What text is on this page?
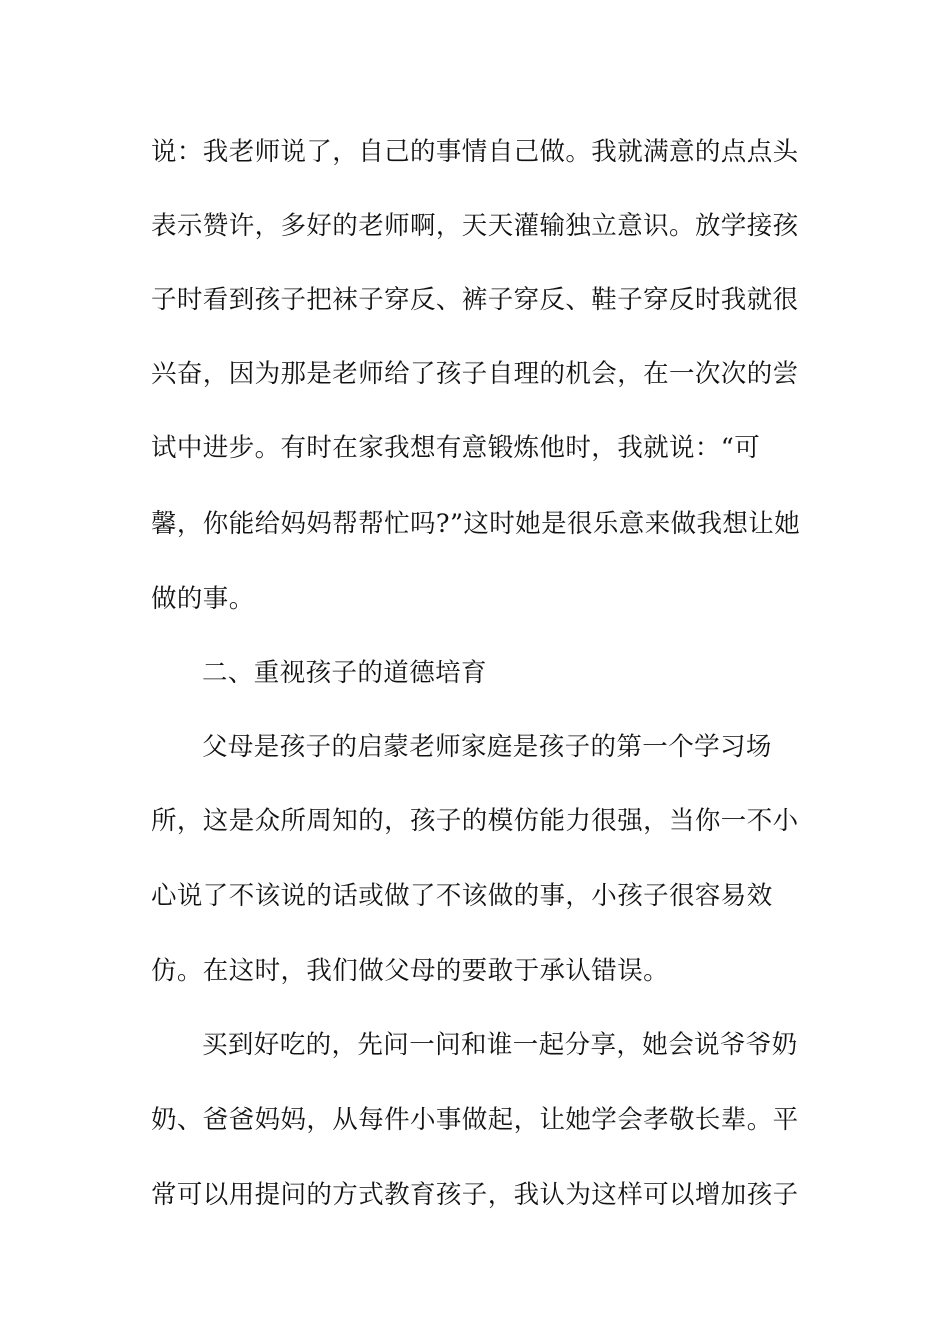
说：我老师说了，自己的事情自己做。我就满意的点点头
表示赞许，多好的老师啊，天天灌输独立意识。放学接孩
子时看到孩子把袜子穿反、裤子穿反、鞋子穿反时我就很
兴奋，因为那是老师给了孩子自理的机会，在一次次的尝
试中进步。有时在家我想有意锻炼他时，我就说：“可
馨，你能给妈妈帮帮忙吗?”这时她是很乐意来做我想让她
做的事。
二、重视孩子的道德培育
父母是孩子的启蒙老师家庭是孩子的第一个学习场
所，这是众所周知的，孩子的模仿能力很强，当你一不小
心说了不该说的话或做了不该做的事，小孩子很容易效
仿。在这时，我们做父母的要敢于承认错误。
买到好吃的，先问一问和谁一起分享，她会说爷爷奶
奶、爸爸妈妈，从每件小事做起，让她学会孝敬长辈。平
常可以用提问的方式教育孩子，我认为这样可以增加孩子
